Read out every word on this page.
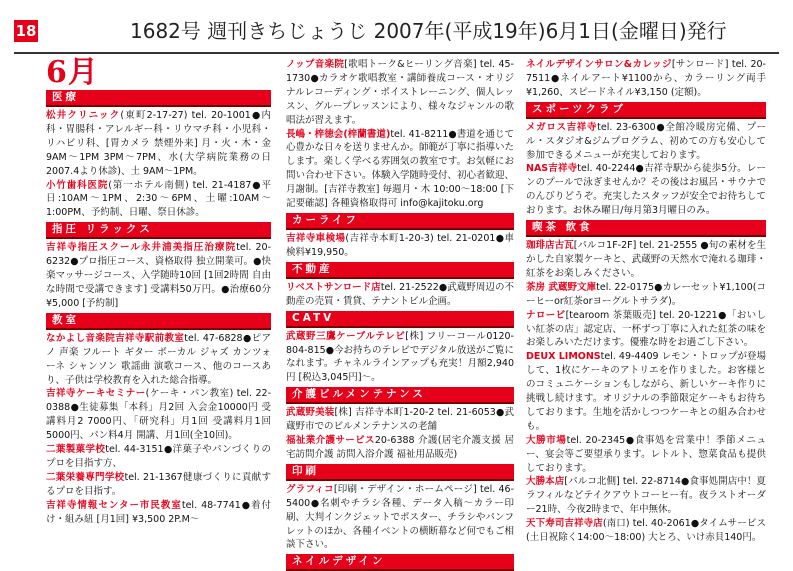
18	1682号 週刊きちじょうじ 2007年(平成19年)6月1日(金曜日)発行
6月
医療

松井クリニック(東町2-17-27) tel. 20-1001●内科・胃腸科・アレルギー科・リウマチ科・小児科・リハビリ科、[胃カメラ 禁煙外来] 月・火・木・金 9AM～1PM 3PM～7PM、水(大学病院業務の日 2007.4より休診)、土 9AM～1PM。

小竹歯科医院(第一ホテル南側) tel. 21-4187●平日:10AM～1PM、2:30～6PM、土曜:10AM～1:00PM、予約制、日曜、祭日休診。

指圧 リラックス

吉祥寺指圧スクール永井浦美指圧治療院tel. 20-6232●プロ指圧コース、資格取得 独立開業可。●快楽マッサージコース、入学随時10回 [1回2時間 自由な時間で受講できます] 受講料50万円。●治療60分¥5,000 [予約制]

教室

なかよし音楽院吉祥寺駅前教室tel. 47-6828●ピアノ 声楽 フルート ギター ボーカル ジャズ カンツォーネ シャンソン 歌謡曲 演歌コース、他のコースあり、子供は学校教育を入れた総合指導。

吉祥寺ケーキセミナー(ケーキ・パン教室) tel. 22-0388●生徒募集「本科」月2回 入会金10000円 受講料月2 7000円、「研究科」月1回 受講料月1回 5000円、パン料4月 開講、月1回(全10回)。

二葉製菓学校tel. 44-3151●洋菓子やパンづくりのプロを目指す方、

二葉栄養専門学校tel. 21-1367健康づくりに貢献するプロを目指す。

吉祥寺情報センター市民教室tel. 48-7741●着付け・組み紐 [月1回] ¥3,500 2P.M～

ノップ音楽院[歌唱トーク&ヒーリング音楽] tel. 45-1730●カラオケ歌唱教室・講師養成コース・オリジナルレコーディング・ボイストレーニング、個人レッスン、グループレッスンにより、様々なジャンルの歌唱法が習えます。

長嶋・梓徳会(梓蘭書道)tel. 41-8211●書道を通じて心豊かな日々を送りませんか。師範が丁寧に指導いたします。楽しく学べる雰囲気の教室です。お気軽にお問い合わせ下さい。体験入学随時受付、初心者歓迎、月謝制。[吉祥寺教室] 毎週月・木 10:00～18:00 [下記要確認] 各種資格取得可 info@kajitoku.org

カーライフ

吉祥寺車検場(吉祥寺本町1-20-3) tel. 21-0201●車検料¥19,950。

不動産

リベストサンロード店tel. 21-2522●武蔵野周辺の不動産の売買・賃貸、テナントビル企画。

CATV

武蔵野三鷹ケーブルテレビ[株] フリーコール0120-804-815●今お持ちのテレビでデジタル放送がご覧になれます。チャネルラインアップも充実！月額2,940円 [税込3,045円]～。

介護ビルメンテナンス

武蔵野美装[株] 吉祥寺本町1-20-2 tel. 21-6053●武蔵野市でのビルメンテナンスの老舗

福祉業介護サービス20-6388 介護(居宅介護支援 居宅訪問介護 訪問入浴介護 福祉用品販売)

印刷

グラフィコ[印刷・デザイン・ホームページ] tel. 46-5400●名刺やチラシ各種、データ入稿～カラー印刷、大判インクジェットでポスター、チラシやパンフレットのほか、各種イベントの横断幕など何でもご相談下さい。

ネイルデザイン

ネイルデザインサロン&カレッジ[サンロード] tel. 20-7511●ネイルアート¥1100から、カラーリング両手¥1,260、スピードネイル¥3,150 (定額)。

スポーツクラブ

メガロス吉祥寺tel. 23-6300●全館冷暖房完備、プール・スタジオ&ジムプログラム、初めての方も安心して参加できるメニューが充実しております。

NAS吉祥寺tel. 40-2244●吉祥寺駅から徒歩5分。レーンのプールで泳ぎませんか？その後はお風呂・サウナでのんびりどうぞ。充実したスタッフが安全でお待ちしております。お休み曜日/毎月第3月曜日のみ。

喫茶 飲食

珈琲店古瓦[パルコ1F-2F] tel. 21-2555 ●旬の素材を生かした自家製ケーキと、武蔵野の天然水で淹れる珈琲・紅茶をお楽しみください。

茶房 武蔵野文庫tel. 22-0175●カレーセット¥1,100(コーヒーor紅茶orヨーグルトサラダ)。

ナロービ[tearoom 茶葉販売] tel. 20-1221●「おいしい紅茶の店」認定店、一杯ずつ丁寧に入れた紅茶の味をお楽しみいただけます。優雅な時をお過ごし下さい。

DEUX LIMONStel. 49-4409 レモン・トロップが登場して、1枚にケーキのアトリエを作りました。お客様とのコミュニケーションもしながら、新しいケーキ作りに挑戦し続けます。オリジナルの季節限定ケーキもお待ちしております。生地を活かしつつケーキとの組み合わせも。

大勝市場tel. 20-2345●食事処を営業中！季節メニュー、宴会等ご要望承ります。レトルト、惣菜食品も提供しております。

大勝本店[パルコ北側] tel. 22-8714●食事処開店中！夏ラフィルなどテイクアウトコーヒー有。夜ラストオーダー21時、今夜2時まで、年中無休。

天下寿司吉祥寺店(南口) tel. 40-2061●タイムサービス(土日祝除く14:00～18:00) 大とろ、いけ赤貝140円。
